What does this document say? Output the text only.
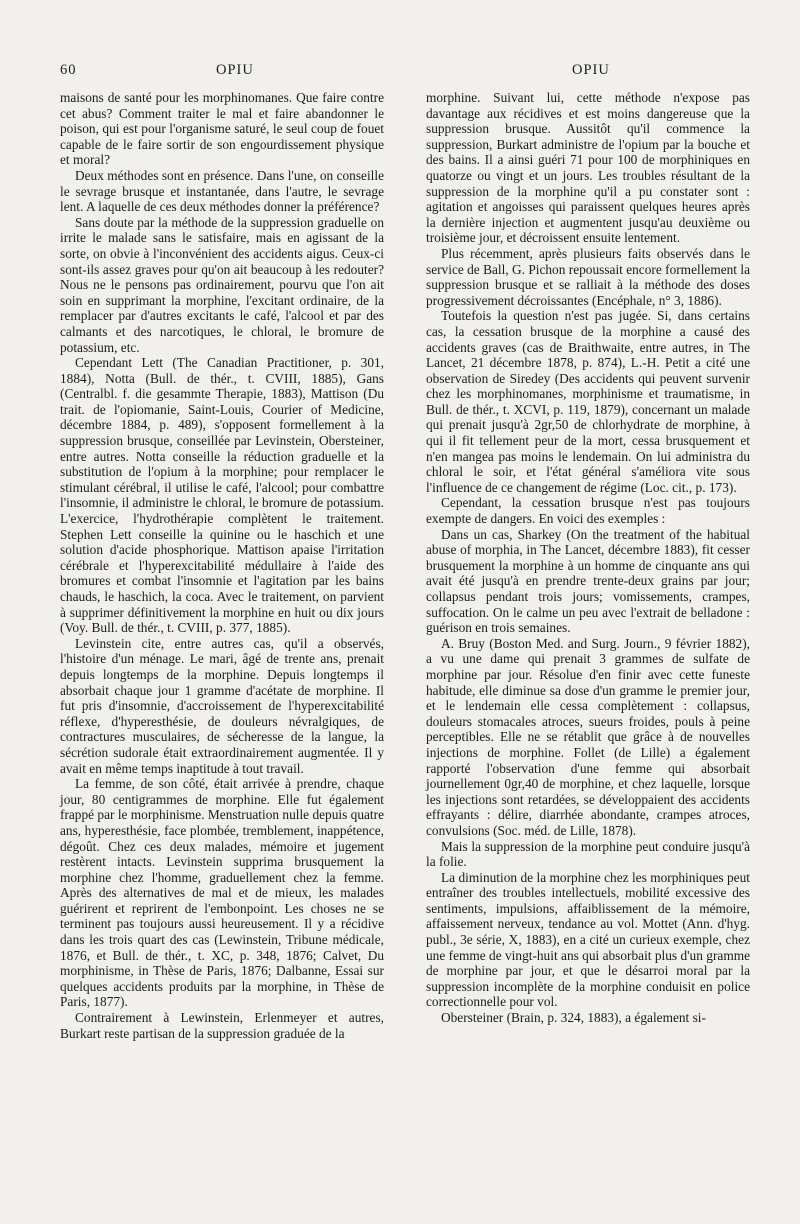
60	OPIU	OPIU

maisons de santé pour les morphinomanes. Que faire contre cet abus? Comment traiter le mal et faire abandonner le poison, qui est pour l'organisme saturé, le seul coup de fouet capable de le faire sortir de son engourdissement physique et moral?

Deux méthodes sont en présence. Dans l'une, on conseille le sevrage brusque et instantanée, dans l'autre, le sevrage lent. A laquelle de ces deux méthodes donner la préférence?

Sans doute par la méthode de la suppression graduelle on irrite le malade sans le satisfaire, mais en agissant de la sorte, on obvie à l'inconvénient des accidents aigus. Ceux-ci sont-ils assez graves pour qu'on ait beaucoup à les redouter? Nous ne le pensons pas ordinairement, pourvu que l'on ait soin en supprimant la morphine, l'excitant ordinaire, de la remplacer par d'autres excitants le café, l'alcool et par des calmants et des narcotiques, le chloral, le bromure de potassium, etc.

Cependant Lett (The Canadian Practitioner, p. 301, 1884), Notta (Bull. de thér., t. CVIII, 1885), Gans (Centralbl. f. die gesammte Therapie, 1883), Mattison (Du trait. de l'opiomanie, Saint-Louis, Courier of Medicine, décembre 1884, p. 489), s'opposent formellement à la suppression brusque, conseillée par Levinstein, Obersteiner, entre autres. Notta conseille la réduction graduelle et la substitution de l'opium à la morphine; pour remplacer le stimulant cérébral, il utilise le café, l'alcool; pour combattre l'insomnie, il administre le chloral, le bromure de potassium. L'exercice, l'hydrothérapie complètent le traitement. Stephen Lett conseille la quinine ou le haschich et une solution d'acide phosphorique. Mattison apaise l'irritation cérébrale et l'hyperexcitabilité médullaire à l'aide des bromures et combat l'insomnie et l'agitation par les bains chauds, le haschich, la coca. Avec le traitement, on parvient à supprimer définitivement la morphine en huit ou dix jours (Voy. Bull. de thér., t. CVIII, p. 377, 1885).

Levinstein cite, entre autres cas, qu'il a observés, l'histoire d'un ménage. Le mari, âgé de trente ans, prenait depuis longtemps de la morphine. Depuis longtemps il absorbait chaque jour 1 gramme d'acétate de morphine. Il fut pris d'insomnie, d'accroissement de l'hyperexcitabilité réflexe, d'hyperesthésie, de douleurs névralgiques, de contractures musculaires, de sécheresse de la langue, la sécrétion sudorale était extraordinairement augmentée. Il y avait en même temps inaptitude à tout travail.

La femme, de son côté, était arrivée à prendre, chaque jour, 80 centigrammes de morphine. Elle fut également frappé par le morphinisme. Menstruation nulle depuis quatre ans, hyperesthésie, face plombée, tremblement, inappétence, dégoût. Chez ces deux malades, mémoire et jugement restèrent intacts. Levinstein supprima brusquement la morphine chez l'homme, graduellement chez la femme. Après des alternatives de mal et de mieux, les malades guérirent et reprirent de l'embonpoint. Les choses ne se terminent pas toujours aussi heureusement. Il y a récidive dans les trois quart des cas (Lewinstein, Tribune médicale, 1876, et Bull. de thér., t. XC, p. 348, 1876; Calvet, Du morphinisme, in Thèse de Paris, 1876; Dalbanne, Essai sur quelques accidents produits par la morphine, in Thèse de Paris, 1877).

Contrairement à Lewinstein, Erlenmeyer et autres, Burkart reste partisan de la suppression graduée de la

morphine. Suivant lui, cette méthode n'expose pas davantage aux récidives et est moins dangereuse que la suppression brusque. Aussitôt qu'il commence la suppression, Burkart administre de l'opium par la bouche et des bains. Il a ainsi guéri 71 pour 100 de morphiniques en quatorze ou vingt et un jours. Les troubles résultant de la suppression de la morphine qu'il a pu constater sont : agitation et angoisses qui paraissent quelques heures après la dernière injection et augmentent jusqu'au deuxième ou troisième jour, et décroissent ensuite lentement.

Plus récemment, après plusieurs faits observés dans le service de Ball, G. Pichon repoussait encore formellement la suppression brusque et se ralliait à la méthode des doses progressivement décroissantes (Encéphale, n° 3, 1886).

Toutefois la question n'est pas jugée. Si, dans certains cas, la cessation brusque de la morphine a causé des accidents graves (cas de Braithwaite, entre autres, in The Lancet, 21 décembre 1878, p. 874), L.-H. Petit a cité une observation de Siredey (Des accidents qui peuvent survenir chez les morphinomanes, morphinisme et traumatisme, in Bull. de thér., t. XCVI, p. 119, 1879), concernant un malade qui prenait jusqu'à 2gr,50 de chlorhydrate de morphine, à qui il fit tellement peur de la mort, cessa brusquement et n'en mangea pas moins le lendemain. On lui administra du chloral le soir, et l'état général s'améliora vite sous l'influence de ce changement de régime (Loc. cit., p. 173).

Cependant, la cessation brusque n'est pas toujours exempte de dangers. En voici des exemples :

Dans un cas, Sharkey (On the treatment of the habitual abuse of morphia, in The Lancet, décembre 1883), fit cesser brusquement la morphine à un homme de cinquante ans qui avait été jusqu'à en prendre trente-deux grains par jour; collapsus pendant trois jours; vomissements, crampes, suffocation. On le calme un peu avec l'extrait de belladone : guérison en trois semaines.

A. Bruy (Boston Med. and Surg. Journ., 9 février 1882), a vu une dame qui prenait 3 grammes de sulfate de morphine par jour. Résolue d'en finir avec cette funeste habitude, elle diminue sa dose d'un gramme le premier jour, et le lendemain elle cessa complètement : collapsus, douleurs stomacales atroces, sueurs froides, pouls à peine perceptibles. Elle ne se rétablit que grâce à de nouvelles injections de morphine. Follet (de Lille) a également rapporté l'observation d'une femme qui absorbait journellement 0gr,40 de morphine, et chez laquelle, lorsque les injections sont retardées, se développaient des accidents effrayants : délire, diarrhée abondante, crampes atroces, convulsions (Soc. méd. de Lille, 1878).

Mais la suppression de la morphine peut conduire jusqu'à la folie.

La diminution de la morphine chez les morphiniques peut entraîner des troubles intellectuels, mobilité excessive des sentiments, impulsions, affaiblissement de la mémoire, affaissement nerveux, tendance au vol. Mottet (Ann. d'hyg. publ., 3e série, X, 1883), en a cité un curieux exemple, chez une femme de vingt-huit ans qui absorbait plus d'un gramme de morphine par jour, et que le désarroi moral par la suppression incomplète de la morphine conduisit en police correctionnelle pour vol.

Obersteiner (Brain, p. 324, 1883), a également si-
